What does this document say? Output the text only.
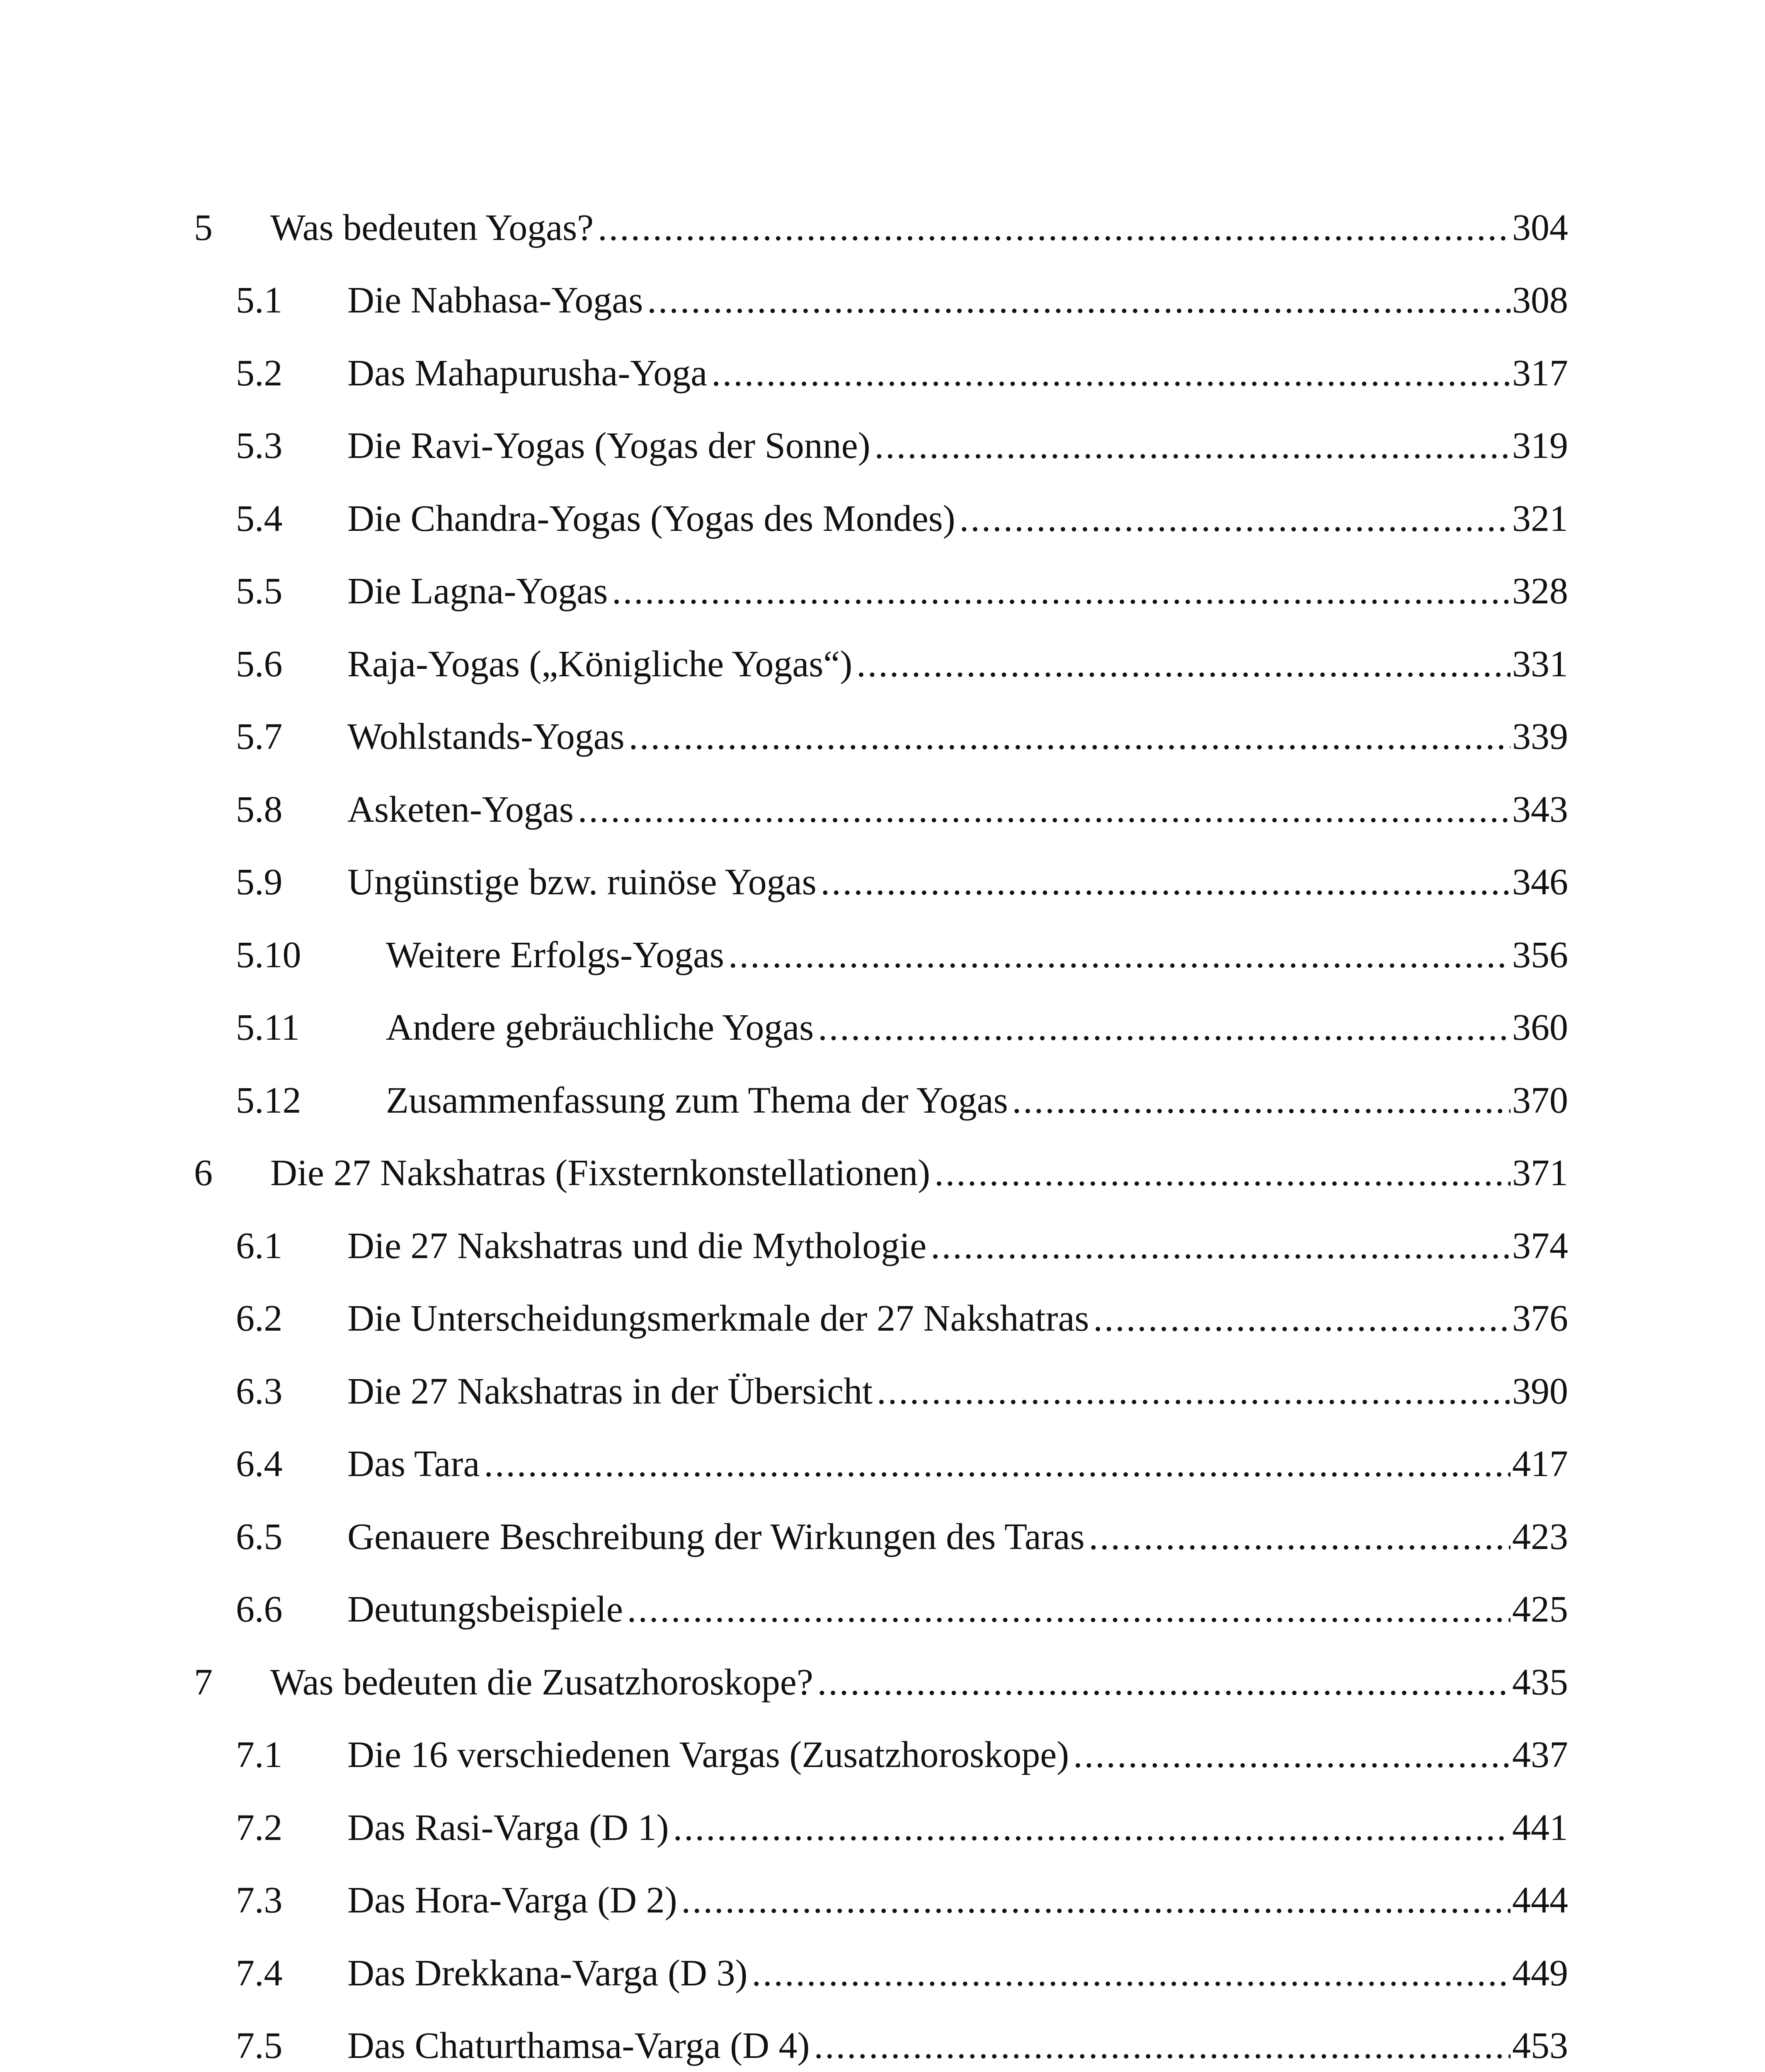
5 Was bedeuten Yogas? .....	304
5.1 Die Nabhasa-Yogas .....	308
5.2 Das Mahapurusha-Yoga .....	317
5.3 Die Ravi-Yogas (Yogas der Sonne) .....	319
5.4 Die Chandra-Yogas (Yogas des Mondes) .....	321
5.5 Die Lagna-Yogas .....	328
5.6 Raja-Yogas („Königliche Yogas“) .....	331
5.7 Wohlstands-Yogas .....	339
5.8 Asketen-Yogas .....	343
5.9 Ungünstige bzw. ruinöse Yogas .....	346
5.10 Weitere Erfolgs-Yogas .....	356
5.11 Andere gebräuchliche Yogas .....	360
5.12 Zusammenfassung zum Thema der Yogas .....	370
6 Die 27 Nakshatras (Fixsternkonstellationen) .....	371
6.1 Die 27 Nakshatras und die Mythologie .....	374
6.2 Die Unterscheidungsmerkmale der 27 Nakshatras .....	376
6.3 Die 27 Nakshatras in der Übersicht .....	390
6.4 Das Tara .....	417
6.5 Genauere Beschreibung der Wirkungen des Taras .....	423
6.6 Deutungsbeispiele .....	425
7 Was bedeuten die Zusatzhoroskope? .....	435
7.1 Die 16 verschiedenen Vargas (Zusatzhoroskope) .....	437
7.2 Das Rasi-Varga (D 1) .....	441
7.3 Das Hora-Varga (D 2) .....	444
7.4 Das Drekkana-Varga (D 3) .....	449
7.5 Das Chaturthamsa-Varga (D 4) .....	453
